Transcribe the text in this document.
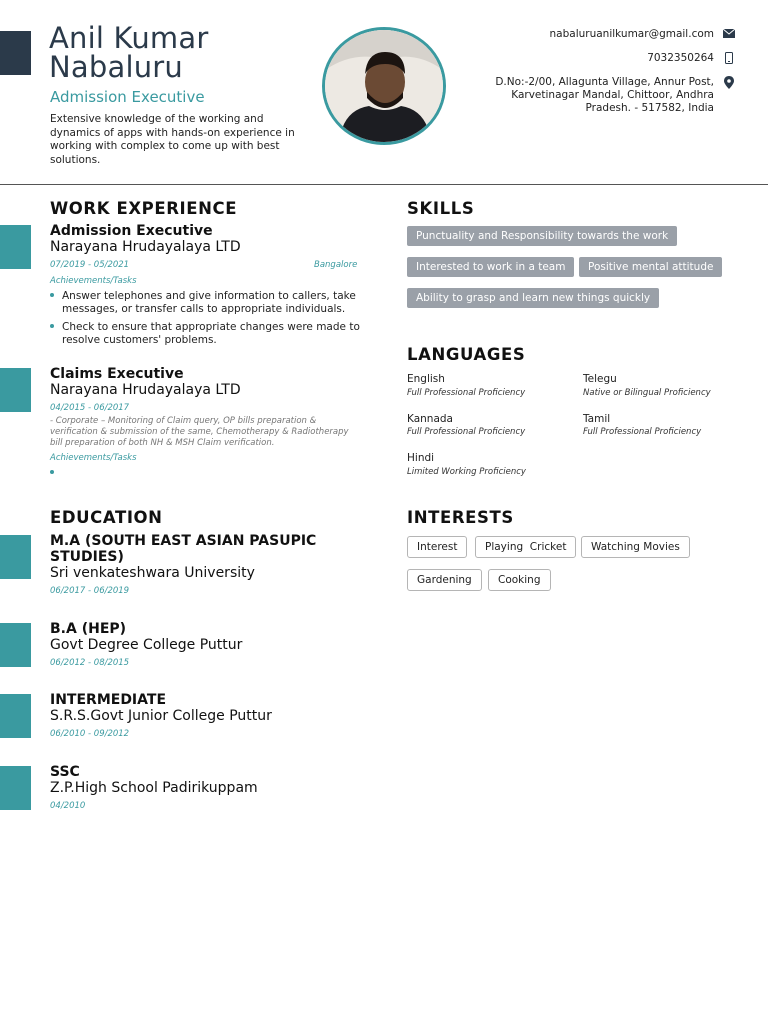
Anil Kumar
Nabaluru
Admission Executive
Extensive knowledge of the working and dynamics of apps with hands-on experience in working with complex to come up with best solutions.
nabaluruanilkumar@gmail.com
7032350264
D.No:-2/00, Allagunta Village, Annur Post, Karvetinagar Mandal, Chittoor, Andhra Pradesh. - 517582, India
WORK EXPERIENCE
Admission Executive
Narayana Hrudayalaya LTD
07/2019 - 05/2021	Bangalore
Achievements/Tasks
Answer telephones and give information to callers, take messages, or transfer calls to appropriate individuals.
Check to ensure that appropriate changes were made to resolve customers' problems.
Claims Executive
Narayana Hrudayalaya LTD
04/2015 - 06/2017
- Corporate – Monitoring of Claim query, OP bills preparation & verification & submission of the same, Chemotherapy & Radiotherapy bill preparation of both NH & MSH Claim verification.
Achievements/Tasks
EDUCATION
M.A (SOUTH EAST ASIAN PASUPIC STUDIES)
Sri venkateshwara University
06/2017 - 06/2019
B.A (HEP)
Govt Degree College Puttur
06/2012 - 08/2015
INTERMEDIATE
S.R.S.Govt Junior College Puttur
06/2010 - 09/2012
SSC
Z.P.High School Padirikuppam
04/2010
SKILLS
Punctuality and Responsibility towards the work
Interested to work in a team	Positive mental attitude
Ability to grasp and learn new things quickly
LANGUAGES
English
Full Professional Proficiency
Telegu
Native or Bilingual Proficiency
Kannada
Full Professional Proficiency
Tamil
Full Professional Proficiency
Hindi
Limited Working Proficiency
INTERESTS
Interest	Playing  Cricket	Watching Movies
Gardening	Cooking
